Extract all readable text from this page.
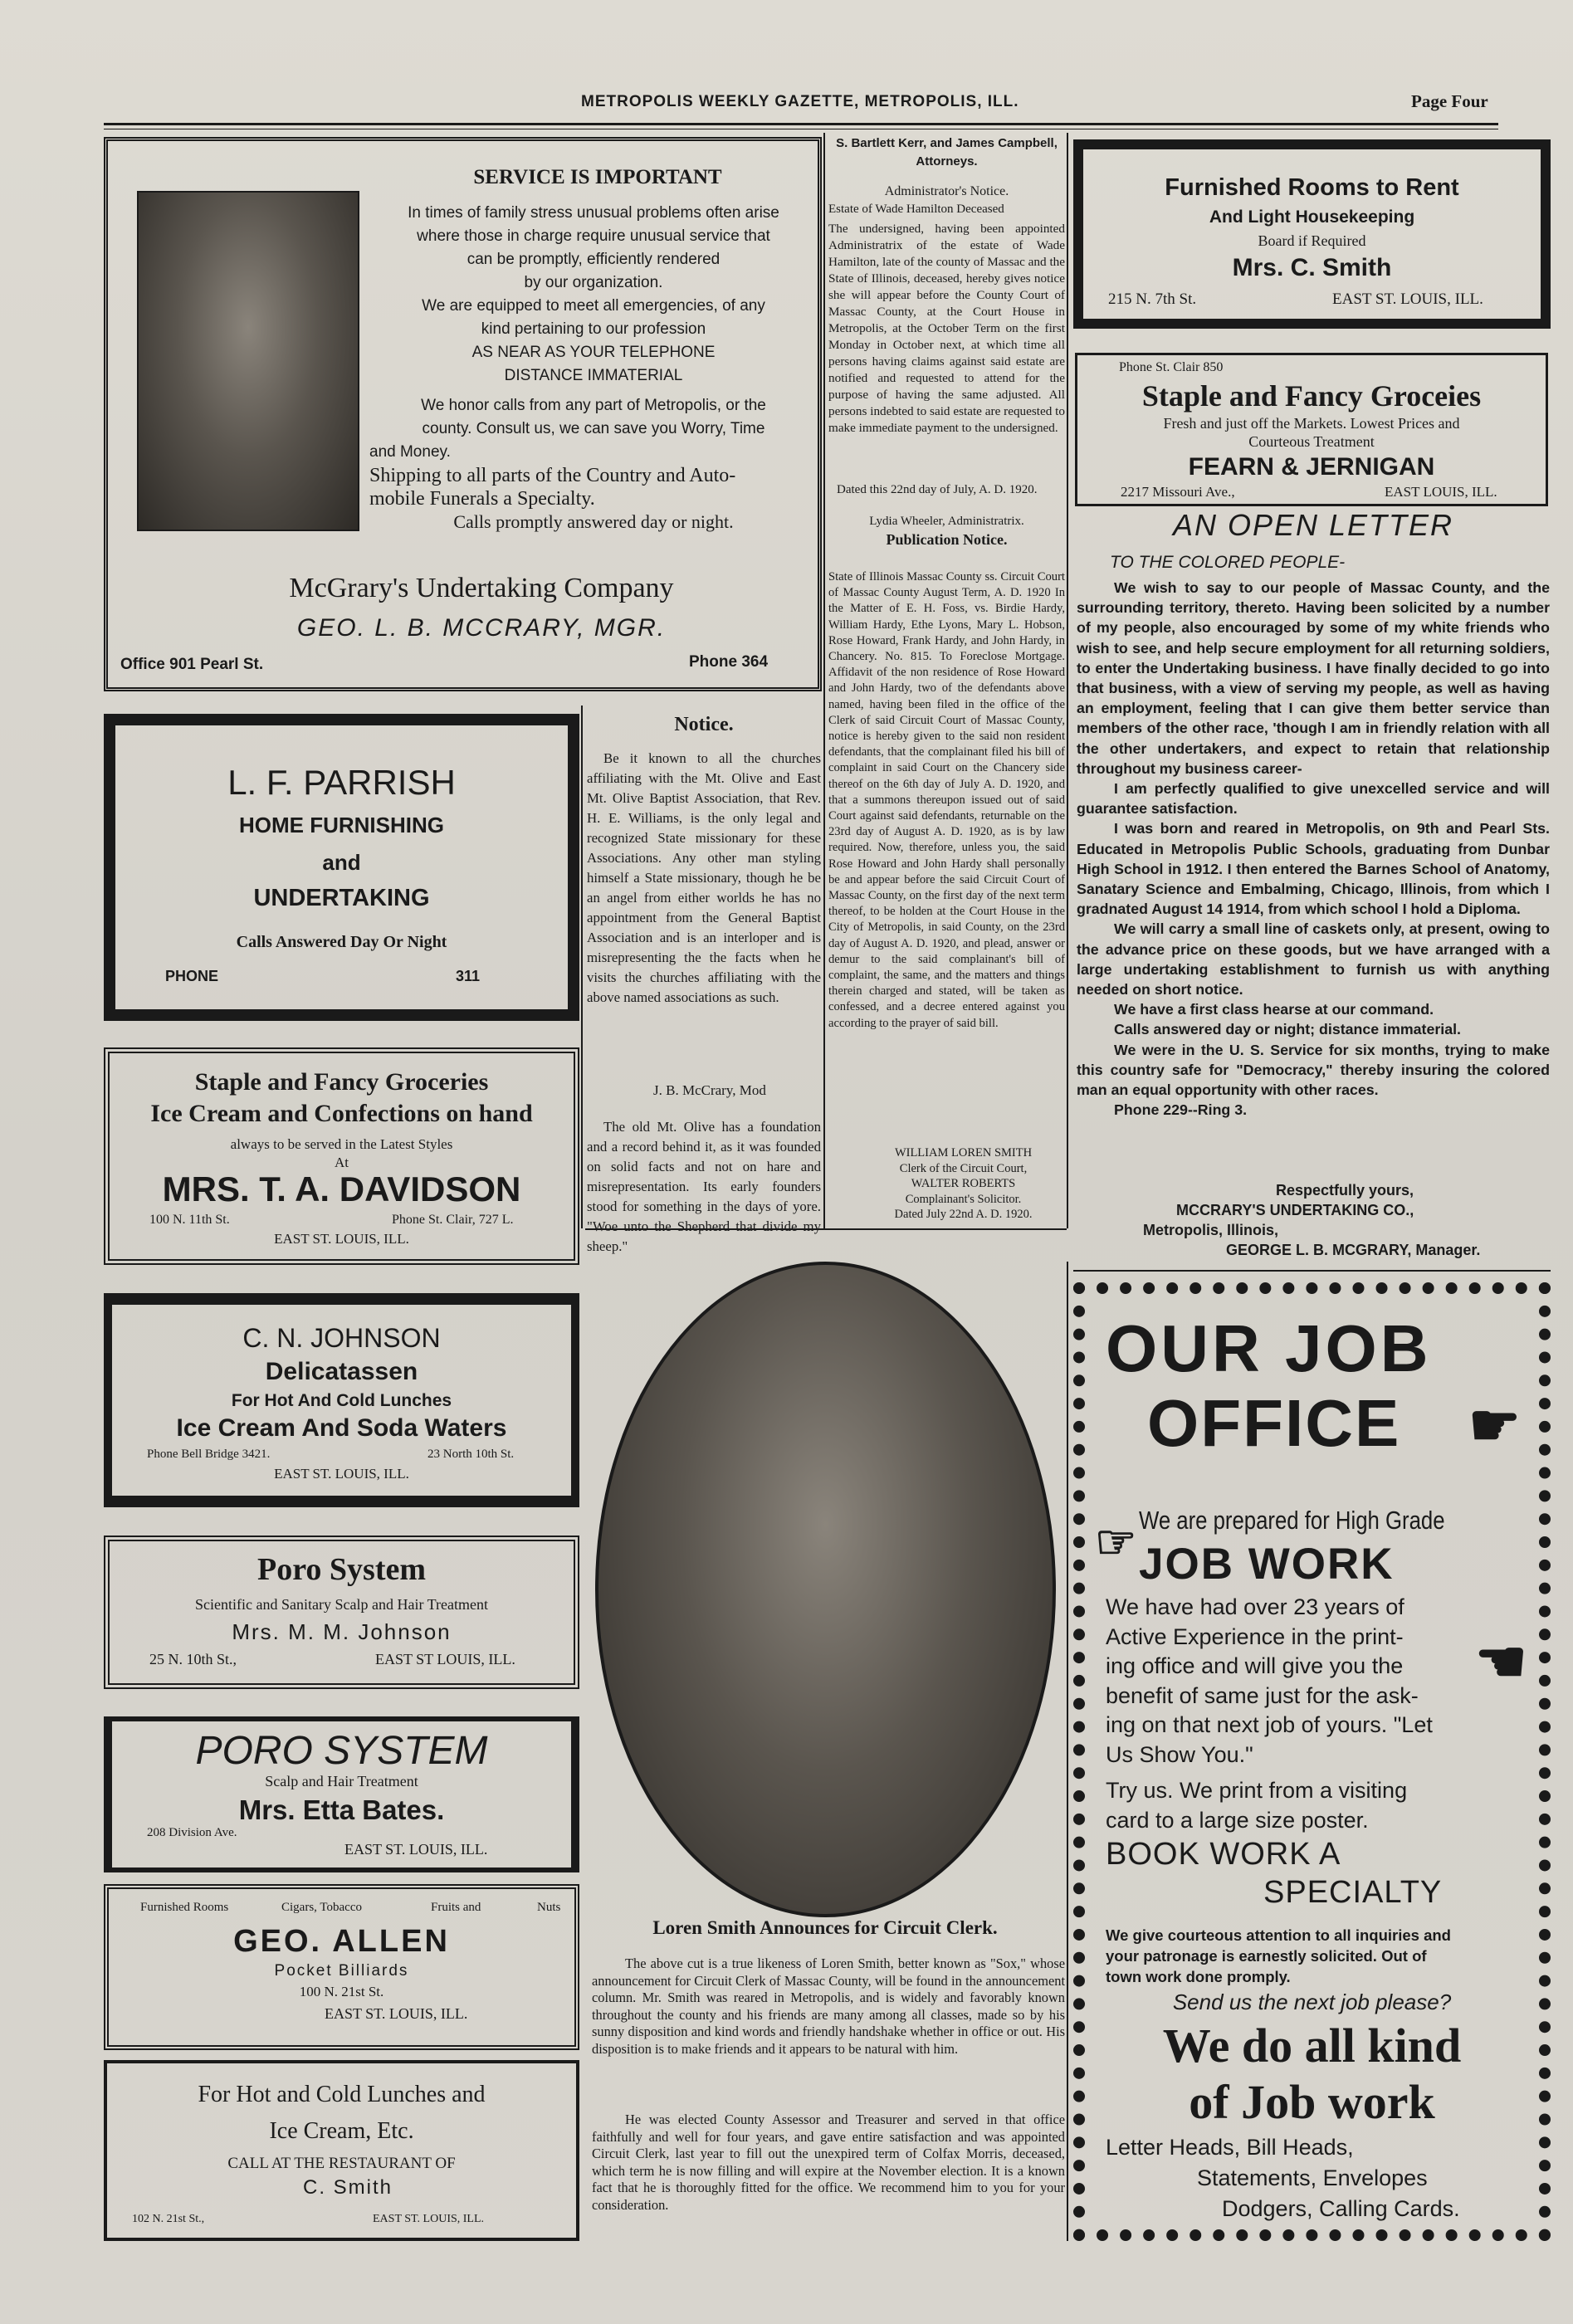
METROPOLIS WEEKLY GAZETTE, METROPOLIS, ILL.	Page Four
SERVICE IS IMPORTANT
In times of family stress unusual problems often arise
where those in charge require unusual service that
can be promptly, efficiently rendered
by our organization.
We are equipped to meet all emergencies, of any
kind pertaining to our profession
AS NEAR AS YOUR TELEPHONE
DISTANCE IMMATERIAL
We honor calls from any part of Metropolis, or the
county. Consult us, we can save you Worry, Time
and Money.
Shipping to all parts of the Country and Auto-
mobile Funerals a Specialty.
Calls promptly answered day or night.
McGrary's Undertaking Company
GEO. L. B. MCCRARY, MGR.
Office 901 Pearl St.	Phone 364
S. Bartlett Kerr, and James Campbell,
Attorneys.
Administrator's Notice.
Estate of Wade Hamilton Deceased
The undersigned, having been appointed Administratrix of the estate of Wade Hamilton, late of the county of Massac and the State of Illinois, deceased, hereby gives notice she will appear before the County Court of Massac County, at the Court House in Metropolis, at the October Term on the first Monday in October next, at which time all persons having claims against said estate are notified and requested to attend for the purpose of having the same adjusted. All persons indebted to said estate are requested to make immediate payment to the undersigned.
Dated this 22nd day of July, A. D. 1920.
Lydia Wheeler, Administratrix.
Furnished Rooms to Rent
And Light Housekeeping
Board if Required
Mrs. C. Smith
215 N. 7th St.	EAST ST. LOUIS, ILL.
Phone St. Clair 850
Staple and Fancy Groceies
Fresh and just off the Markets. Lowest Prices and
Courteous Treatment
FEARN & JERNIGAN
2217 Missouri Ave.,	EAST LOUIS, ILL.
Publication Notice.
State of Illinois Massac County ss. Circuit Court of Massac County August Term, A. D. 1920 In the Matter of E. H. Foss, vs. Birdie Hardy, William Hardy, Ethe Lyons, Mary L. Hobson, Rose Howard, Frank Hardy, and John Hardy, in Chancery. No. 815. To Foreclose Mortgage. Affidavit of the non residence of Rose Howard and John Hardy, two of the defendants above named, having been filed in the office of the Clerk of said Circuit Court of Massac County, notice is hereby given to the said non resident defendants, that the complainant filed his bill of complaint in said Court on the Chancery side thereof on the 6th day of July A. D. 1920, and that a summons thereupon issued out of said Court against said defendants, returnable on the 23rd day of August A. D. 1920, as is by law required. Now, therefore, unless you, the said Rose Howard and John Hardy shall personally be and appear before the said Circuit Court of Massac County, on the first day of the next term thereof, to be holden at the Court House in the City of Metropolis, in said County, on the 23rd day of August A. D. 1920, and plead, answer or demur to the said complainant's bill of complaint, the same, and the matters and things therein charged and stated, will be taken as confessed, and a decree entered against you according to the prayer of said bill.
WILLIAM LOREN SMITH
Clerk of the Circuit Court,
WALTER ROBERTS
Complainant's Solicitor.
Dated July 22nd A. D. 1920.
AN OPEN LETTER
TO THE COLORED PEOPLE-

We wish to say to our people of Massac County, and the surrounding territory, thereto. Having been solicited by a number of my people, also encouraged by some of my white friends who wish to see, and help secure employment for all returning soldiers, to enter the Undertaking business. I have finally decided to go into that business, with a view of serving my people, as well as having an employment, feeling that I can give them better service than members of the other race, 'though I am in friendly relation with all the other undertakers, and expect to retain that relationship throughout my business career-

I am perfectly qualified to give unexcelled service and will guarantee satisfaction.

I was born and reared in Metropolis, on 9th and Pearl Sts. Educated in Metropolis Public Schools, graduating from Dunbar High School in 1912. I then entered the Barnes School of Anatomy, Sanatary Science and Embalming, Chicago, Illinois, from which I gradnated August 14 1914, from which school I hold a Diploma.

We will carry a small line of caskets only, at present, owing to the advance price on these goods, but we have arranged with a large undertaking establishment to furnish us with anything needed on short notice.

We have a first class hearse at our command.

Calls answered day or night; distance immaterial.

We were in the U. S. Service for six months, trying to make this country safe for "Democracy," thereby insuring the colored man an equal opportunity with other races.

Phone 229--Ring 3.

Respectfully yours,
MCCRARY'S UNDERTAKING CO.,
Metropolis, Illinois,
GEORGE L. B. MCGRARY, Manager.
L. F. PARRISH
HOME FURNISHING
and
UNDERTAKING
Calls Answered Day Or Night
PHONE	311
Notice.
Be it known to all the churches affiliating with the Mt. Olive and East Mt. Olive Baptist Association, that Rev. H. E. Williams, is the only legal and recognized State missionary for these Associations. Any other man styling himself a State missionary, though he be an angel from either worlds he has no appointment from the General Baptist Association and is an interloper and is misrepresenting the the facts when he visits the churches affiliating with the above named associations as such.
J. B. McCrary, Mod
The old Mt. Olive has a foundation and a record behind it, as it was founded on solid facts and not on hare and misrepresentation. Its early founders stood for something in the days of yore. "Woe unto the Shepherd that divide my sheep."
Staple and Fancy Groceries
Ice Cream and Confections on hand
always to be served in the Latest Styles
At
MRS. T. A. DAVIDSON
100 N. 11th St.	Phone St. Clair, 727 L.
EAST ST. LOUIS, ILL.
C. N. JOHNSON
Delicatassen
For Hot And Cold Lunches
Ice Cream And Soda Waters
Phone Bell Bridge 3421.	23 North 10th St.
EAST ST. LOUIS, ILL.
Poro System
Scientific and Sanitary Scalp and Hair Treatment
Mrs. M. M. Johnson
25 N. 10th St.,	EAST ST LOUIS, ILL.
PORO SYSTEM
Scalp and Hair Treatment
Mrs. Etta Bates.
208 Division Ave.
EAST ST. LOUIS, ILL.
Furnished Rooms	Cigars, Tobacco	Fruits and	Nuts
GEO. ALLEN
Pocket Billiards
100 N. 21st St.
EAST ST. LOUIS, ILL.
For Hot and Cold Lunches and
Ice Cream, Etc.
CALL AT THE RESTAURANT OF
C. Smith
102 N. 21st St.,	EAST ST. LOUIS, ILL.
Loren Smith Announces for Circuit Clerk.
The above cut is a true likeness of Loren Smith, better known as "Sox," whose announcement for Circuit Clerk of Massac County, will be found in the announcement column. Mr. Smith was reared in Metropolis, and is widely and favorably known throughout the county and his friends are many among all classes, made so by his sunny disposition and kind words and friendly handshake whether in office or out. His disposition is to make friends and it appears to be natural with him.
He was elected County Assessor and Treasurer and served in that office faithfully and well for four years, and gave entire satisfaction and was appointed Circuit Clerk, last year to fill out the unexpired term of Colfax Morris, deceased, which term he is now filling and will expire at the November election. It is a known fact that he is thoroughly fitted for the office. We recommend him to you for your consideration.
OUR JOB
OFFICE	☛
☞ We are prepared for High Grade
JOB WORK
We have had over 23 years of
Active Experience in the print-
ing office and will give you the
benefit of same just for the ask-
ing on that next job of yours. "Let
Us Show You."
☚
Try us. We print from a visiting
card to a large size poster.
BOOK WORK A
SPECIALTY
We give courteous attention to all inquiries and
your patronage is earnestly solicited. Out of
town work done promply.
Send us the next job please?
We do all kind
of Job work
Letter Heads, Bill Heads,
Statements, Envelopes
Dodgers, Calling Cards.
